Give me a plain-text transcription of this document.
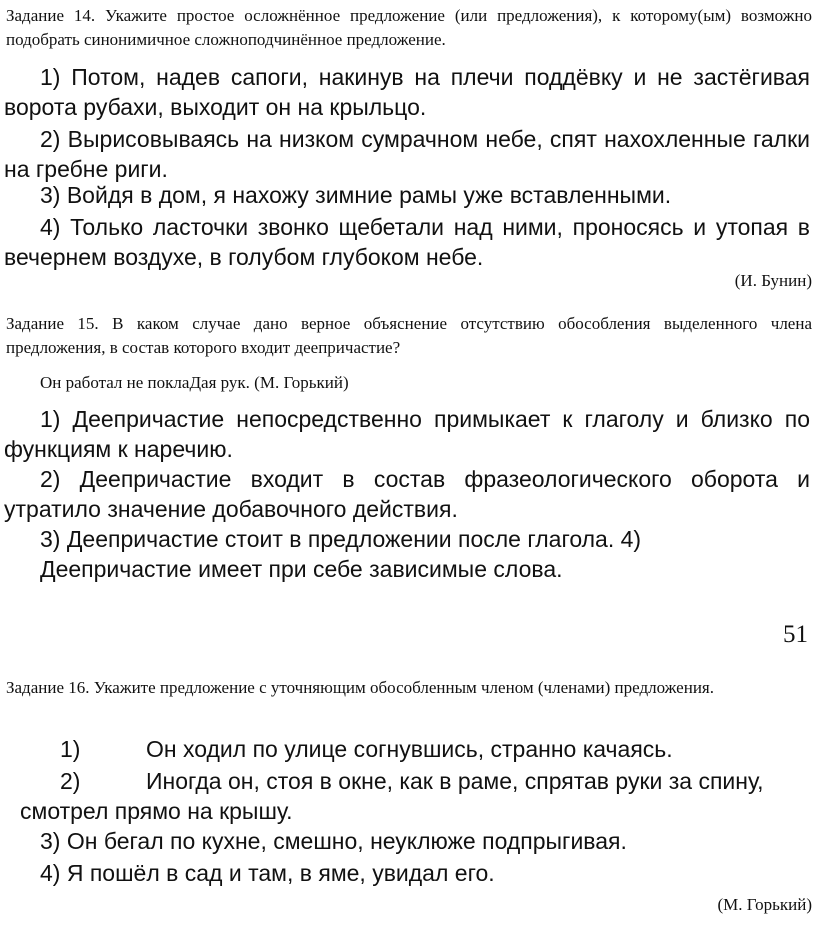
Задание 14. Укажите простое осложнённое предложение (или предложения), к которому(ым) возможно подобрать синонимичное сложноподчинённое предложение.
1) Потом, надев сапоги, накинув на плечи поддёвку и не застёгивая ворота рубахи, выходит он на крыльцо.
2) Вырисовываясь на низком сумрачном небе, спят нахохленные галки на гребне риги.
3) Войдя в дом, я нахожу зимние рамы уже вставленными.
4) Только ласточки звонко щебетали над ними, проносясь и утопая в вечернем воздухе, в голубом глубоком небе.
(И. Бунин)
Задание 15. В каком случае дано верное объяснение отсутствию обособления выделенного члена предложения, в состав которого входит деепричастие?
Он работал не поклаДая рук. (М. Горький)
1) Деепричастие непосредственно примыкает к глаголу и близко по функциям к наречию.
2) Деепричастие входит в состав фразеологического оборота и утратило значение добавочного действия.
3) Деепричастие стоит в предложении после глагола. 4) Деепричастие имеет при себе зависимые слова.
51
Задание 16. Укажите предложение с уточняющим обособленным членом (членами) предложения.
1)	Он ходил по улице согнувшись, странно качаясь.
2)	Иногда он, стоя в окне, как в раме, спрятав руки за спину,
смотрел прямо на крышу.
3) Он бегал по кухне, смешно, неуклюже подпрыгивая.
4) Я пошёл в сад и там, в яме, увидал его.
(М. Горький)
